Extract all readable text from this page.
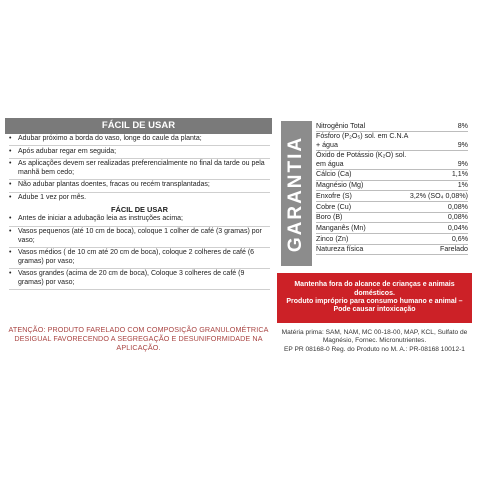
FÁCIL DE USAR
• Adubar próximo a borda do vaso, longe do caule da planta;
• Após adubar regar em seguida;
• As aplicações devem ser realizadas preferencialmente no final da tarde ou pela manhã bem cedo;
• Não adubar plantas doentes, fracas ou recém transplantadas;
• Adube 1 vez por mês.
FÁCIL DE USAR
• Antes de iniciar a adubação leia as instruções acima;
• Vasos pequenos (até 10 cm de boca), coloque 1 colher de café (3 gramas) por vaso;
• Vasos médios ( de 10 cm até 20 cm de boca), coloque 2 colheres de café (6 gramas) por vaso;
• Vasos grandes (acima de 20 cm de boca), Coloque 3 colheres de café (9 gramas) por vaso;
ATENÇÃO: PRODUTO FARELADO COM COMPOSIÇÃO GRANULOMÉTRICA DESIGUAL FAVORECENDO A SEGREGAÇÃO E DESUNIFORMIDADE NA APLICAÇÃO.
GARANTIA
Nitrogênio Total	8%
Fósforo (P₂O₅) sol. em C.N.A
+ água	9%
Óxido de Potássio (K₂O) sol.
em água	9%
Cálcio (Ca)	1,1%
Magnésio (Mg)	1%
Enxofre (S)	3,2% (SO₄ 0,08%)
Cobre (Cu)	0,08%
Boro (B)	0,08%
Manganês (Mn)	0,04%
Zinco (Zn)	0,6%
Natureza física	Farelado
Mantenha fora do alcance de crianças e animais domésticos.
Produto impróprio para consumo humano e animal – Pode causar intoxicação
Matéria prima: SAM, NAM, MC 00-18-00, MAP, KCL, Sulfato de Magnésio, Fornec. Micronutrientes.
EP PR 08168-0 Reg. do Produto no M. A.: PR-08168 10012-1
